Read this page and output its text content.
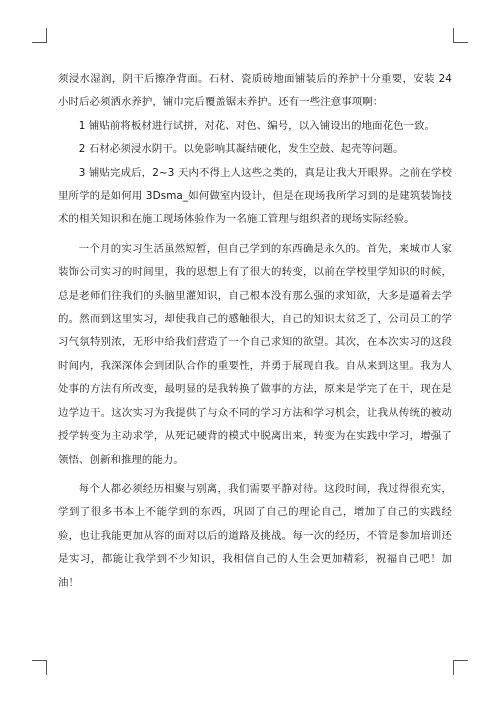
须浸水湿润，阴干后擦净背面。石材、瓷质砖地面铺装后的养护十分重要，安装 24 小时后必须洒水养护，铺巾完后覆盖锯末养护。还有一些注意事项啊：

1 铺贴前将板材进行试拼，对花、对色、编号，以入铺设出的地面花色一致。

2 石材必须浸水阴干。以免影响其凝结硬化，发生空鼓、起壳等问题。

3 铺贴完成后，2~3 天内不得上人这些之类的，真是让我大开眼界。之前在学校里所学的是如何用 3Dsma_如何做室内设计，但是在现场我所学习到的是建筑装饰技术的相关知识和在施工现场体验作为一名施工管理与组织者的现场实际经验。

一个月的实习生活虽然短暂，但自己学到的东西确是永久的。首先，来城市人家装饰公司实习的时间里，我的思想上有了很大的转变，以前在学校里学知识的时候，总是老师们往我们的头脑里灌知识，自己根本没有那么强的求知欲，大多是逼着去学的。然而到这里实习，却使我自己的感触很大，自己的知识太贫乏了，公司员工的学习气氛特别浓，无形中给我们营造了一个自己求知的欲望。其次，在本次实习的这段时间内，我深深体会到团队合作的重要性，并勇于展现自我。自从来到这里。我为人处事的方法有所改变，最明显的是我转换了做事的方法，原来是学完了在干，现在是边学边干。这次实习为我提供了与众不同的学习方法和学习机会，让我从传统的被动授学转变为主动求学，从死记硬背的模式中脱离出来，转变为在实践中学习，增强了领悟、创新和推理的能力。

每个人都必须经历相聚与别离，我们需要平静对待。这段时间，我过得很充实，学到了很多书本上不能学到的东西，巩固了自己的理论自己，增加了自己的实践经验，也让我能更加从容的面对以后的道路及挑战。每一次的经历，不管是参加培训还是实习，都能让我学到不少知识，我相信自己的人生会更加精彩，祝福自己吧！加油！
